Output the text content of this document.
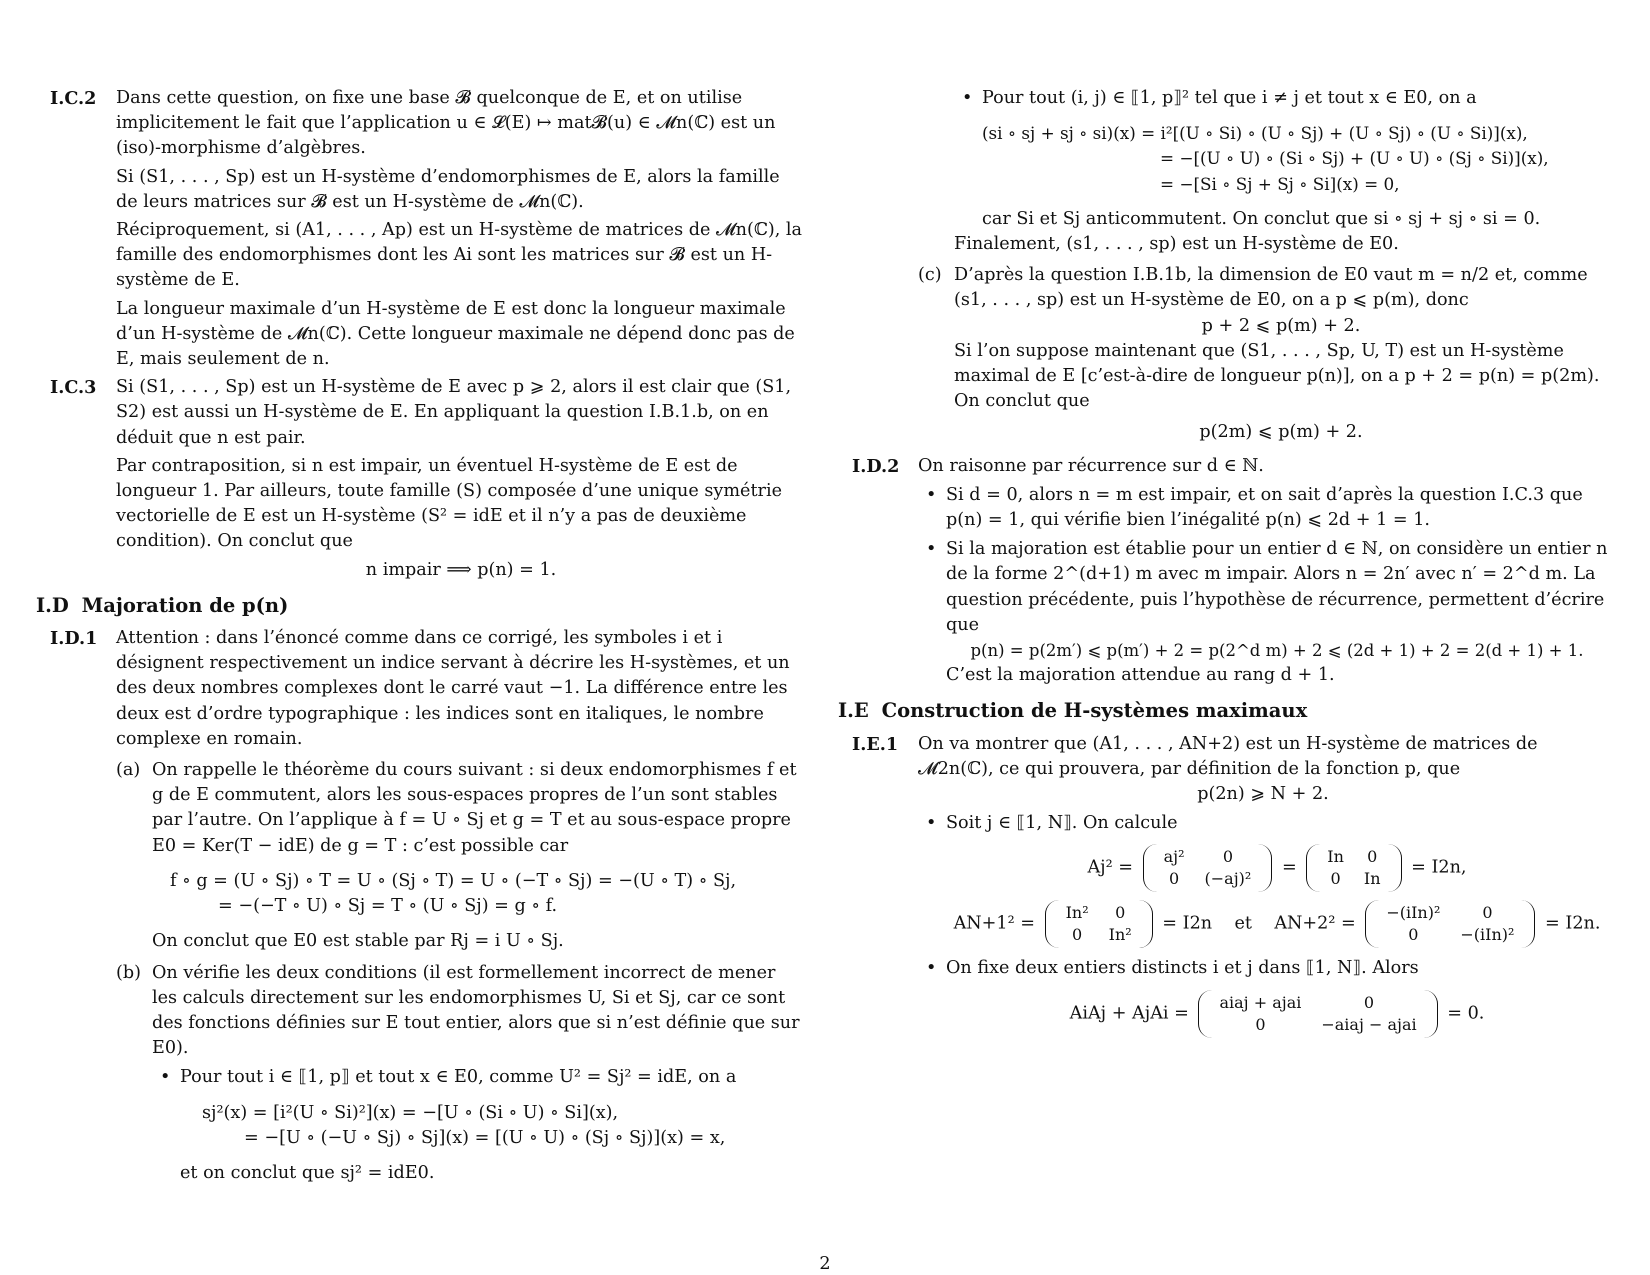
I.C.2 Dans cette question, on fixe une base 𝓑 quelconque de E, et on utilise implicitement le fait que l’application u ∈ 𝓛(E) ↦ mat𝓑(u) ∈ 𝓜n(ℂ) est un (iso)-morphisme d’algèbres.

Si (S1, . . . , Sp) est un H-système d’endomorphismes de E, alors la famille de leurs matrices sur 𝓑 est un H-système de 𝓜n(ℂ).

Réciproquement, si (A1, . . . , Ap) est un H-système de matrices de 𝓜n(ℂ), la famille des endomorphismes dont les Ai sont les matrices sur 𝓑 est un H-système de E.

La longueur maximale d’un H-système de E est donc la longueur maximale d’un H-système de 𝓜n(ℂ). Cette longueur maximale ne dépend donc pas de E, mais seulement de n.

I.C.3 Si (S1, . . . , Sp) est un H-système de E avec p ⩾ 2, alors il est clair que (S1, S2) est aussi un H-système de E. En appliquant la question I.B.1.b, on en déduit que n est pair.

Par contraposition, si n est impair, un éventuel H-système de E est de longueur 1. Par ailleurs, toute famille (S) composée d’une unique symétrie vectorielle de E est un H-système (S² = idE et il n’y a pas de deuxième condition). On conclut que

n impair ⟹ p(n) = 1.

I.D Majoration de p(n)
I.D.1 Attention : dans l’énoncé comme dans ce corrigé, les symboles i et i désignent respectivement un indice servant à décrire les H-systèmes, et un des deux nombres complexes dont le carré vaut −1. La différence entre les deux est d’ordre typographique : les indices sont en italiques, le nombre complexe en romain.

(a) On rappelle le théorème du cours suivant : si deux endomorphismes f et g de E commutent, alors les sous-espaces propres de l’un sont stables par l’autre. On l’applique à f = U ∘ Sj et g = T et au sous-espace propre E0 = Ker(T − idE) de g = T : c’est possible car

f ∘ g = (U ∘ Sj) ∘ T = U ∘ (Sj ∘ T) = U ∘ (−T ∘ Sj) = −(U ∘ T) ∘ Sj,

= −(−T ∘ U) ∘ Sj = T ∘ (U ∘ Sj) = g ∘ f.

On conclut que E0 est stable par Rj = i U ∘ Sj.

(b) On vérifie les deux conditions (il est formellement incorrect de mener les calculs directement sur les endomorphismes U, Si et Sj, car ce sont des fonctions définies sur E tout entier, alors que si n’est définie que sur E0).

• Pour tout i ∈ ⟦1, p⟧ et tout x ∈ E0, comme U² = Sj² = idE, on a

sj²(x) = [i²(U ∘ Si)²](x) = −[U ∘ (Si ∘ U) ∘ Si](x),

= −[U ∘ (−U ∘ Sj) ∘ Sj](x) = [(U ∘ U) ∘ (Sj ∘ Sj)](x) = x,

et on conclut que sj² = idE0.

• Pour tout (i, j) ∈ ⟦1, p⟧² tel que i ≠ j et tout x ∈ E0, on a

(si ∘ sj + sj ∘ si)(x) = i²[(U ∘ Si) ∘ (U ∘ Sj) + (U ∘ Sj) ∘ (U ∘ Si)](x),

= −[(U ∘ U) ∘ (Si ∘ Sj) + (U ∘ U) ∘ (Sj ∘ Si)](x),

= −[Si ∘ Sj + Sj ∘ Si](x) = 0,

car Si et Sj anticommutent. On conclut que si ∘ sj + sj ∘ si = 0.

Finalement, (s1, . . . , sp) est un H-système de E0.

(c) D’après la question I.B.1b, la dimension de E0 vaut m = n/2 et, comme (s1, . . . , sp) est un H-système de E0, on a p ⩽ p(m), donc

p + 2 ⩽ p(m) + 2.

Si l’on suppose maintenant que (S1, . . . , Sp, U, T) est un H-système maximal de E [c’est-à-dire de longueur p(n)], on a p + 2 = p(n) = p(2m). On conclut que

p(2m) ⩽ p(m) + 2.

I.D.2 On raisonne par récurrence sur d ∈ ℕ.

• Si d = 0, alors n = m est impair, et on sait d’après la question I.C.3 que p(n) = 1, qui vérifie bien l’inégalité p(n) ⩽ 2d + 1 = 1.

• Si la majoration est établie pour un entier d ∈ ℕ, on considère un entier n de la forme 2^(d+1) m avec m impair. Alors n = 2n′ avec n′ = 2^d m. La question précédente, puis l’hypothèse de récurrence, permettent d’écrire que

p(n) = p(2m′) ⩽ p(m′) + 2 = p(2^d m) + 2 ⩽ (2d + 1) + 2 = 2(d + 1) + 1.

C’est la majoration attendue au rang d + 1.

I.E Construction de H-systèmes maximaux
I.E.1 On va montrer que (A1, . . . , AN+2) est un H-système de matrices de 𝓜2n(ℂ), ce qui prouvera, par définition de la fonction p, que

p(2n) ⩾ N + 2.

• Soit j ∈ ⟦1, N⟧. On calcule

Aj² =
aj²	0
0	(−aj)²
=
In	0
0	In
= I2n,
AN+1² =
In²	0
0	In²
= I2n    et    AN+2² =
−(iIn)²	0
0	−(iIn)²
= I2n.
• On fixe deux entiers distincts i et j dans ⟦1, N⟧. Alors

AiAj + AjAi =
aiaj + ajai	0
0	−aiaj − ajai
= 0.
2
